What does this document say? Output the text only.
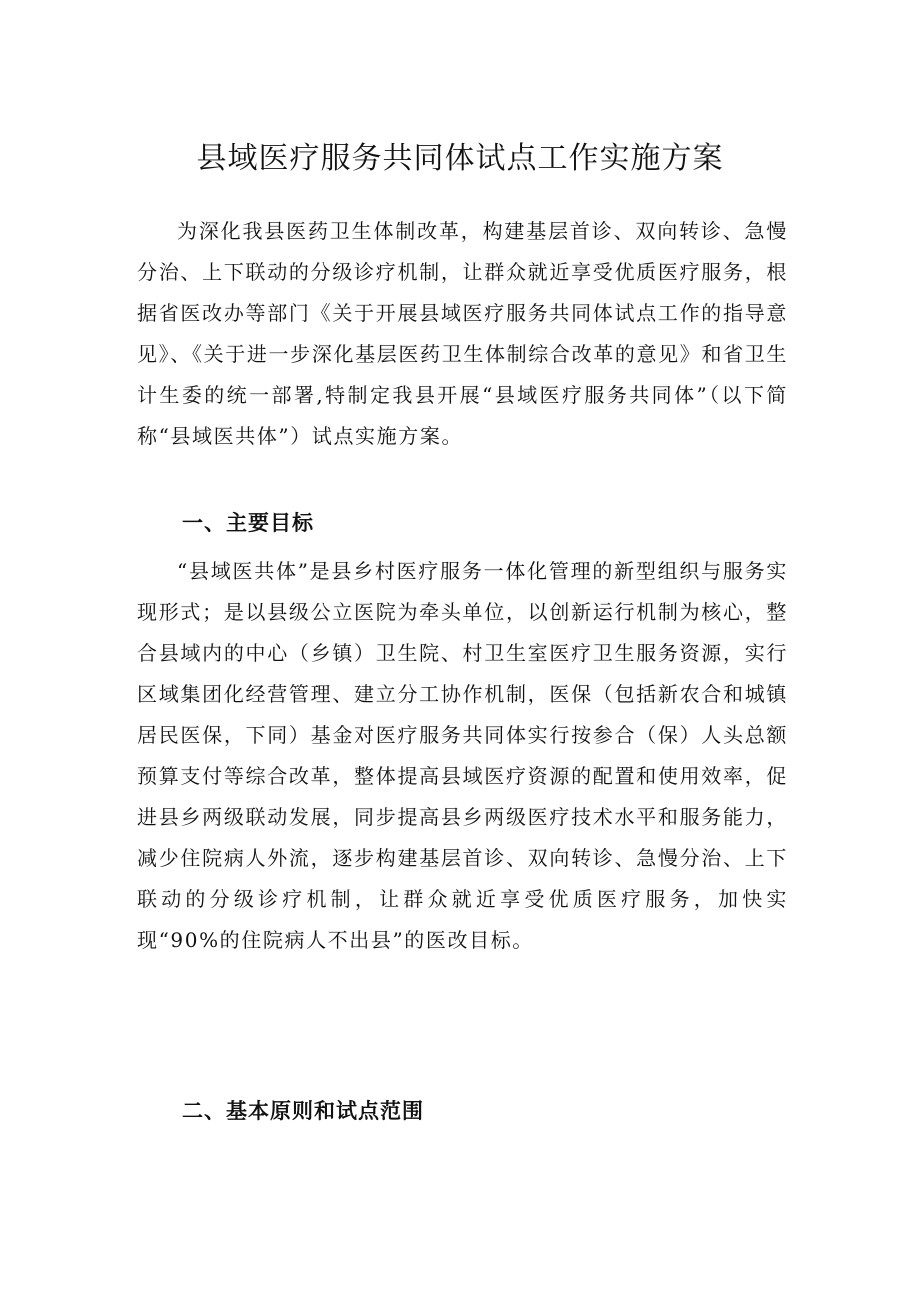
县域医疗服务共同体试点工作实施方案

为深化我县医药卫生体制改革，构建基层首诊、双向转诊、急慢分治、上下联动的分级诊疗机制，让群众就近享受优质医疗服务，根据省医改办等部门《关于开展县域医疗服务共同体试点工作的指导意见》、《关于进一步深化基层医药卫生体制综合改革的意见》和省卫生计生委的统一部署,特制定我县开展“县域医疗服务共同体”（以下简称“县域医共体”）试点实施方案。

一、主要目标

“县域医共体”是县乡村医疗服务一体化管理的新型组织与服务实现形式；是以县级公立医院为牵头单位，以创新运行机制为核心，整合县域内的中心（乡镇）卫生院、村卫生室医疗卫生服务资源，实行区域集团化经营管理、建立分工协作机制，医保（包括新农合和城镇居民医保，下同）基金对医疗服务共同体实行按参合（保）人头总额预算支付等综合改革，整体提高县域医疗资源的配置和使用效率，促进县乡两级联动发展，同步提高县乡两级医疗技术水平和服务能力，减少住院病人外流，逐步构建基层首诊、双向转诊、急慢分治、上下联动的分级诊疗机制，让群众就近享受优质医疗服务，加快实现“90%的住院病人不出县”的医改目标。

二、基本原则和试点范围
